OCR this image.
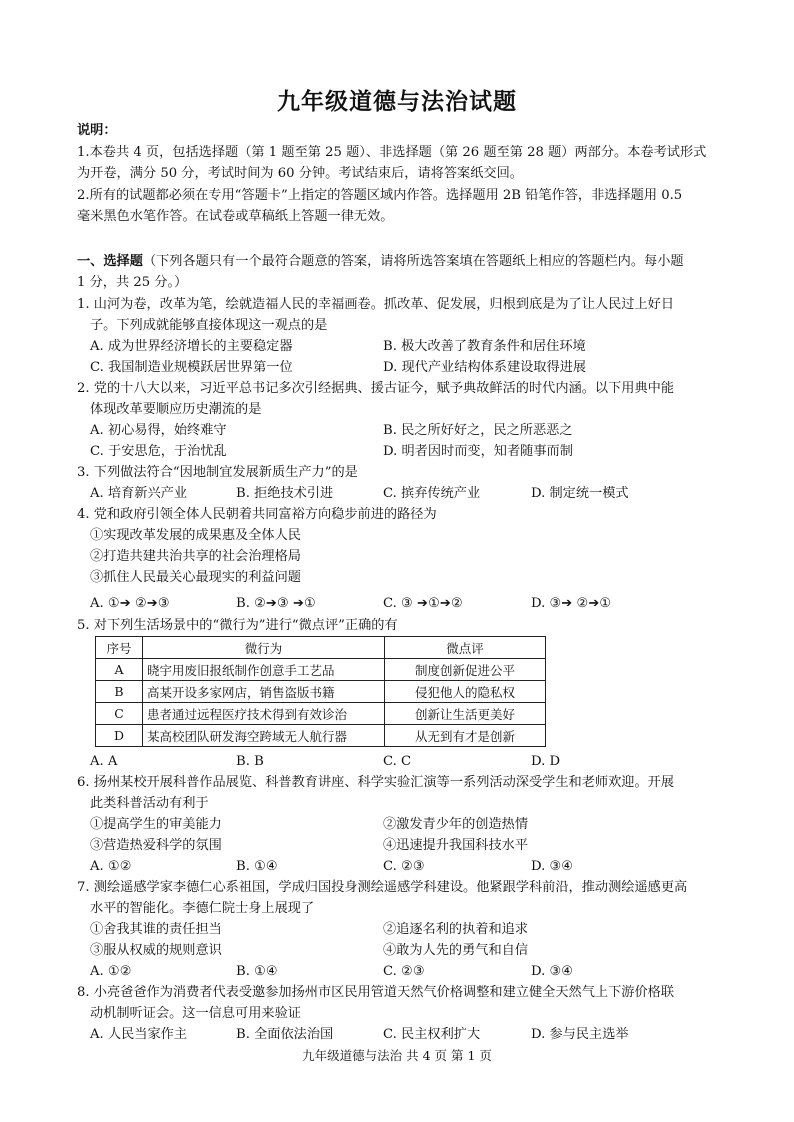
九年级道德与法治试题
说明：
1.本卷共 4 页，包括选择题（第 1 题至第 25 题）、非选择题（第 26 题至第 28 题）两部分。本卷考试形式
为开卷，满分 50 分，考试时间为 60 分钟。考试结束后，请将答案纸交回。
2.所有的试题都必须在专用“答题卡”上指定的答题区域内作答。选择题用 2B 铅笔作答，非选择题用 0.5
毫米黑色水笔作答。在试卷或草稿纸上答题一律无效。
一、选择题（下列各题只有一个最符合题意的答案，请将所选答案填在答题纸上相应的答题栏内。每小题
1 分，共 25 分。）
1. 山河为卷，改革为笔，绘就造福人民的幸福画卷。抓改革、促发展，归根到底是为了让人民过上好日
子。下列成就能够直接体现这一观点的是
A. 成为世界经济增长的主要稳定器	B. 极大改善了教育条件和居住环境
C. 我国制造业规模跃居世界第一位	D. 现代产业结构体系建设取得进展
2. 党的十八大以来，习近平总书记多次引经据典、援古证今，赋予典故鲜活的时代内涵。以下用典中能
体现改革要顺应历史潮流的是
A. 初心易得，始终难守	B. 民之所好好之，民之所恶恶之
C. 于安思危，于治忧乱	D. 明者因时而变，知者随事而制
3. 下列做法符合“因地制宜发展新质生产力”的是
A. 培育新兴产业	B. 拒绝技术引进	C. 摈弃传统产业	D. 制定统一模式
4. 党和政府引领全体人民朝着共同富裕方向稳步前进的路径为
①实现改革发展的成果惠及全体人民
②打造共建共治共享的社会治理格局
③抓住人民最关心最现实的利益问题
A. ①➔ ②➔③	B. ②➔③ ➔①	C. ③ ➔①➔②	D. ③➔ ②➔①
5. 对下列生活场景中的“微行为”进行“微点评”正确的有
序号	微行为	微点评
A	晓宇用废旧报纸制作创意手工艺品	制度创新促进公平
B	高某开设多家网店，销售盗版书籍	侵犯他人的隐私权
C	患者通过远程医疗技术得到有效诊治	创新让生活更美好
D	某高校团队研发海空跨域无人航行器	从无到有才是创新
A. A	B. B	C. C	D. D
6. 扬州某校开展科普作品展览、科普教育讲座、科学实验汇演等一系列活动深受学生和老师欢迎。开展
此类科普活动有利于
①提高学生的审美能力	②激发青少年的创造热情
③营造热爱科学的氛围	④迅速提升我国科技水平
A. ①②	B. ①④	C. ②③	D. ③④
7. 测绘遥感学家李德仁心系祖国，学成归国投身测绘遥感学科建设。他紧跟学科前沿，推动测绘遥感更高
水平的智能化。李德仁院士身上展现了
①舍我其谁的责任担当	②追逐名利的执着和追求
③服从权威的规则意识	④敢为人先的勇气和自信
A. ①②	B. ①④	C. ②③	D. ③④
8. 小亮爸爸作为消费者代表受邀参加扬州市区民用管道天然气价格调整和建立健全天然气上下游价格联
动机制听证会。这一信息可用来验证
A. 人民当家作主	B. 全面依法治国	C. 民主权利扩大	D. 参与民主选举
九年级道德与法治 共 4 页 第 1 页
